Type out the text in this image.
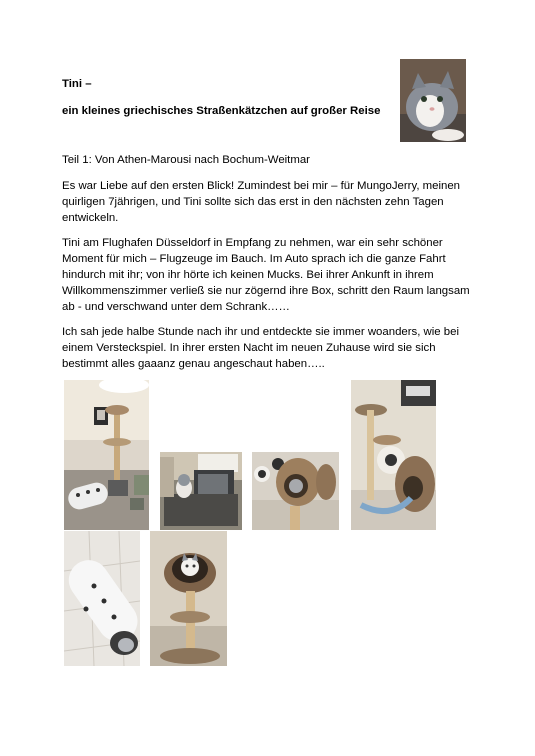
Tini –

ein kleines griechisches Straßenkätzchen auf großer Reise

Teil 1: Von Athen-Marousi nach Bochum-Weitmar

Es war Liebe auf den ersten Blick! Zumindest bei mir – für MungoJerry, meinen quirligen 7jährigen, und Tini sollte sich das erst in den nächsten zehn Tagen entwickeln.

Tini am Flughafen Düsseldorf in Empfang zu nehmen, war ein sehr schöner Moment für mich – Flugzeuge im Bauch. Im Auto sprach ich die ganze Fahrt hindurch mit ihr; von ihr hörte ich keinen Mucks. Bei ihrer Ankunft in ihrem Willkommenszimmer verließ sie nur zögernd ihre Box, schritt den Raum langsam ab - und verschwand unter dem Schrank……

Ich sah jede halbe Stunde nach ihr und entdeckte sie immer woanders, wie bei einem Versteckspiel. In ihrer ersten Nacht im neuen Zuhause wird sie sich bestimmt alles gaaanz genau angeschaut haben…..
